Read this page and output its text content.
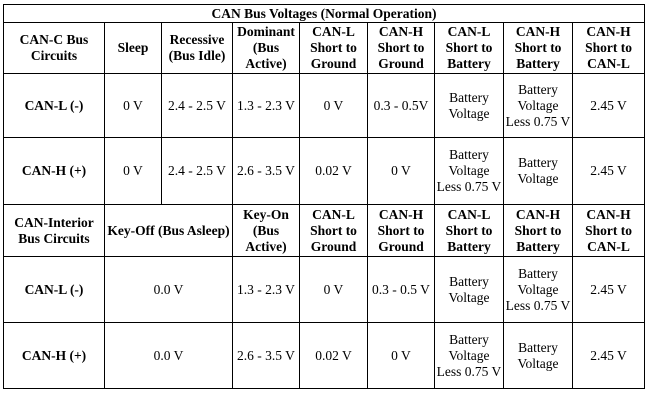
CAN Bus Voltages (Normal Operation)								
CAN-C Bus Circuits	Sleep	Recessive (Bus Idle)	Dominant (Bus Active)	CAN-L Short to Ground	CAN-H Short to Ground	CAN-L Short to Battery	CAN-H Short to Battery	CAN-H Short to CAN-L
CAN-L (-)	0 V	2.4 - 2.5 V	1.3 - 2.3 V	0 V	0.3 - 0.5V	Battery Voltage	Battery Voltage Less 0.75 V	2.45 V
CAN-H (+)	0 V	2.4 - 2.5 V	2.6 - 3.5 V	0.02 V	0 V	Battery Voltage Less 0.75 V	Battery Voltage	2.45 V
CAN-Interior Bus Circuits	Key-Off (Bus Asleep)		Key-On (Bus Active)	CAN-L Short to Ground	CAN-H Short to Ground	CAN-L Short to Battery	CAN-H Short to Battery	CAN-H Short to CAN-L
CAN-L (-)	0.0 V		1.3 - 2.3 V	0 V	0.3 - 0.5 V	Battery Voltage	Battery Voltage Less 0.75 V	2.45 V
CAN-H (+)	0.0 V		2.6 - 3.5 V	0.02 V	0 V	Battery Voltage Less 0.75 V	Battery Voltage	2.45 V
